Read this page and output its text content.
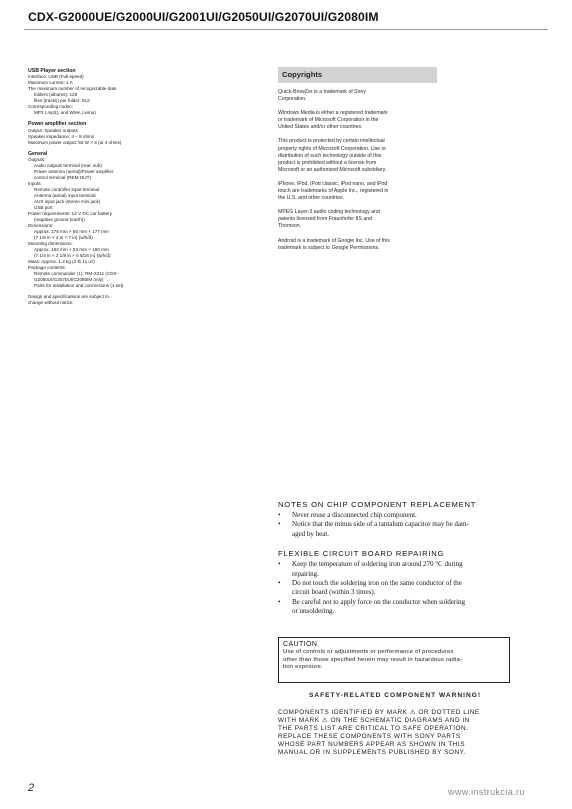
CDX-G2000UE/G2000UI/G2001UI/G2050UI/G2070UI/G2080IM
USB Player section
Interface: USB (Full-speed)
Maximum current: 1 A
The maximum number of recognizable date
folders (albums): 128
files (tracks) per folder: 512
Corresponding codec:
MP3 (.mp3), and WMA (.wma)
Power amplifier section
Output: Speaker outputs
Speaker impedance: 4 – 8 ohms
Maximum power output: 55 W × 4 (at 4 ohms)
General
Outputs:
Audio outputs terminal (rear, sub)
Power antenna (aerial)/Power amplifier
control terminal (REM OUT)
Inputs:
Remote controller input terminal
Antenna (aerial) input terminal
AUX input jack (stereo mini jack)
USB port
Power requirements: 12 V DC car battery
(negative ground (earth))
Dimensions:
Approx. 178 mm × 50 mm × 177 mm
(7 1/8 in × 2 in × 7 in) (w/h/d)
Mounting dimensions:
Approx. 182 mm × 53 mm × 160 mm
(7 1/4 in × 2 1/8 in × 6 5/16 in) (w/h/d)
Mass: Approx. 1.2 kg (2 lb 11 oz)
Package contents:
Remote commander (1): RM-X211 (CDX-
G2050UI/G2070UI/G2080IM only)
Parts for installation and connections (1 set)
Design and specifications are subject to
change without notice.
Copyrights
Quick-BrowZer is a trademark of Sony
Corporation.
Windows Media is either a registered trademark
or trademark of Microsoft Corporation in the
United States and/or other countries.
This product is protected by certain intellectual
property rights of Microsoft Corporation. Use or
distribution of such technology outside of this
product is prohibited without a license from
Microsoft or an authorized Microsoft subsidiary.
iPhone, iPod, iPod classic, iPod nano, and iPod
touch are trademarks of Apple Inc., registered in
the U.S. and other countries.
MPEG Layer-3 audio coding technology and
patents licensed from Fraunhofer IIS and
Thomson.
Android is a trademark of Google Inc. Use of this
trademark is subject to Google Permissions.
NOTES ON CHIP COMPONENT REPLACEMENT
• Never reuse a disconnected chip component.
• Notice that the minus side of a tantalum capacitor may be dam-
aged by heat.
FLEXIBLE CIRCUIT BOARD REPAIRING
• Keep the temperature of soldering iron around 270 °C during
repairing.
• Do not touch the soldering iron on the same conductor of the
circuit board (within 3 times).
• Be careful not to apply force on the conductor when soldering
or unsoldering.
CAUTION
Use of controls or adjustments or performance of procedures
other than those specified herein may result in hazardous radia-
tion exposure.
SAFETY-RELATED COMPONENT WARNING!
COMPONENTS IDENTIFIED BY MARK ⚠ OR DOTTED LINE
WITH MARK ⚠ ON THE SCHEMATIC DIAGRAMS AND IN
THE PARTS LIST ARE CRITICAL TO SAFE OPERATION.
REPLACE THESE COMPONENTS WITH SONY PARTS
WHOSE PART NUMBERS APPEAR AS SHOWN IN THIS
MANUAL OR IN SUPPLEMENTS PUBLISHED BY SONY.
2	www.instrukcia.ru
